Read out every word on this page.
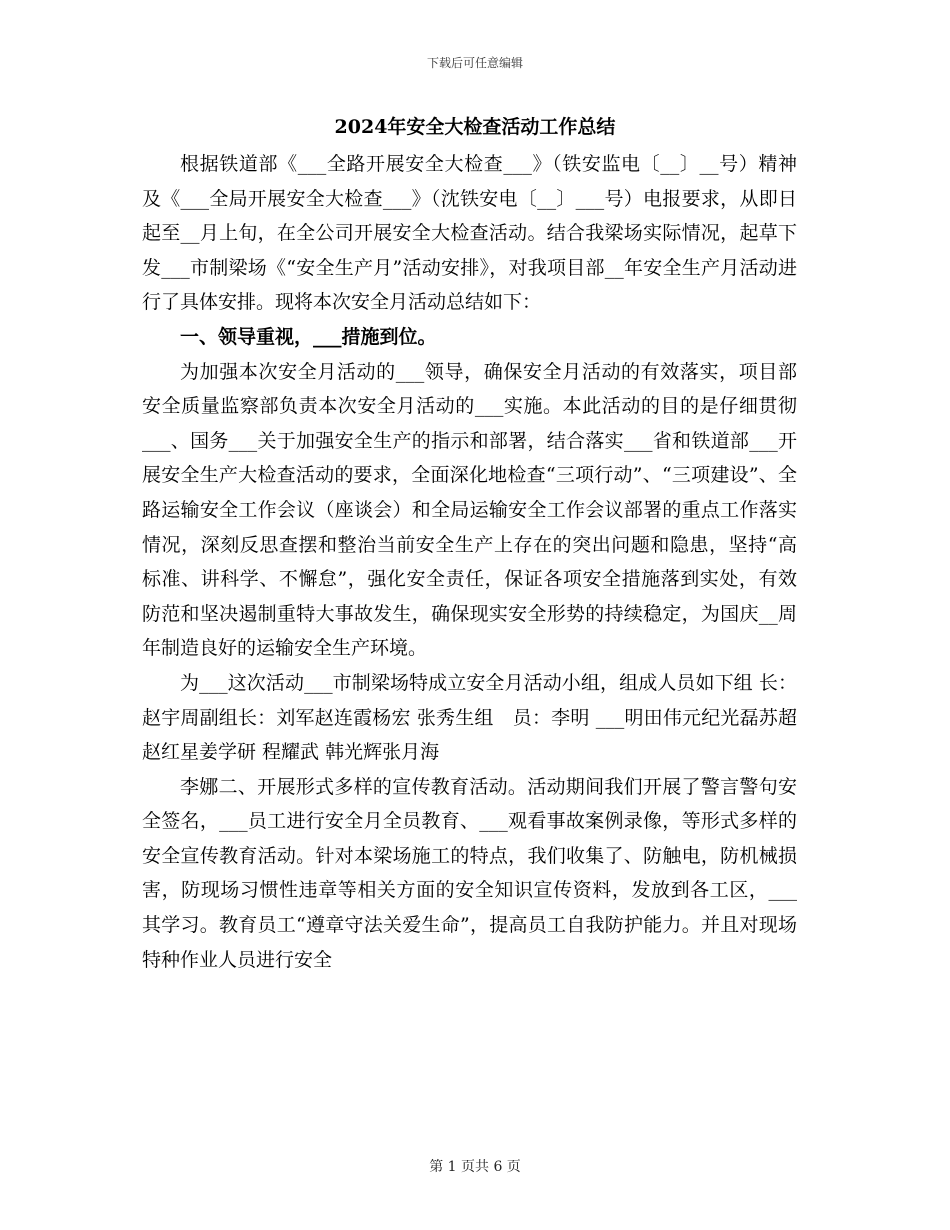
下载后可任意编辑
2024年安全大检查活动工作总结

根据铁道部《___全路开展安全大检查___》（铁安监电〔__〕__号）精神及《___全局开展安全大检查___》（沈铁安电〔__〕___号）电报要求，从即日起至__月上旬，在全公司开展安全大检查活动。结合我梁场实际情况，起草下发___市制梁场《“安全生产月”活动安排》，对我项目部__年安全生产月活动进行了具体安排。现将本次安全月活动总结如下：

一、领导重视，___措施到位。

为加强本次安全月活动的___领导，确保安全月活动的有效落实，项目部安全质量监察部负责本次安全月活动的___实施。本此活动的目的是仔细贯彻___、国务___关于加强安全生产的指示和部署，结合落实___省和铁道部___开展安全生产大检查活动的要求，全面深化地检查“三项行动”、“三项建设”、全路运输安全工作会议（座谈会）和全局运输安全工作会议部署的重点工作落实情况，深刻反思查摆和整治当前安全生产上存在的突出问题和隐患，坚持“高标准、讲科学、不懈怠”，强化安全责任，保证各项安全措施落到实处，有效防范和坚决遏制重特大事故发生，确保现实安全形势的持续稳定，为国庆__周年制造良好的运输安全生产环境。

为___这次活动___市制梁场特成立安全月活动小组，组成人员如下组 长：赵宇周副组长：刘军赵连霞杨宏 张秀生组　员：李明 ___明田伟元纪光磊苏超 赵红星姜学研 程耀武 韩光辉张月海

李娜二、开展形式多样的宣传教育活动。活动期间我们开展了警言警句安全签名，___员工进行安全月全员教育、___观看事故案例录像，等形式多样的安全宣传教育活动。针对本梁场施工的特点，我们收集了、防触电，防机械损害，防现场习惯性违章等相关方面的安全知识宣传资料，发放到各工区，___其学习。教育员工“遵章守法关爱生命”，提高员工自我防护能力。并且对现场特种作业人员进行安全

第 1 页共 6 页
